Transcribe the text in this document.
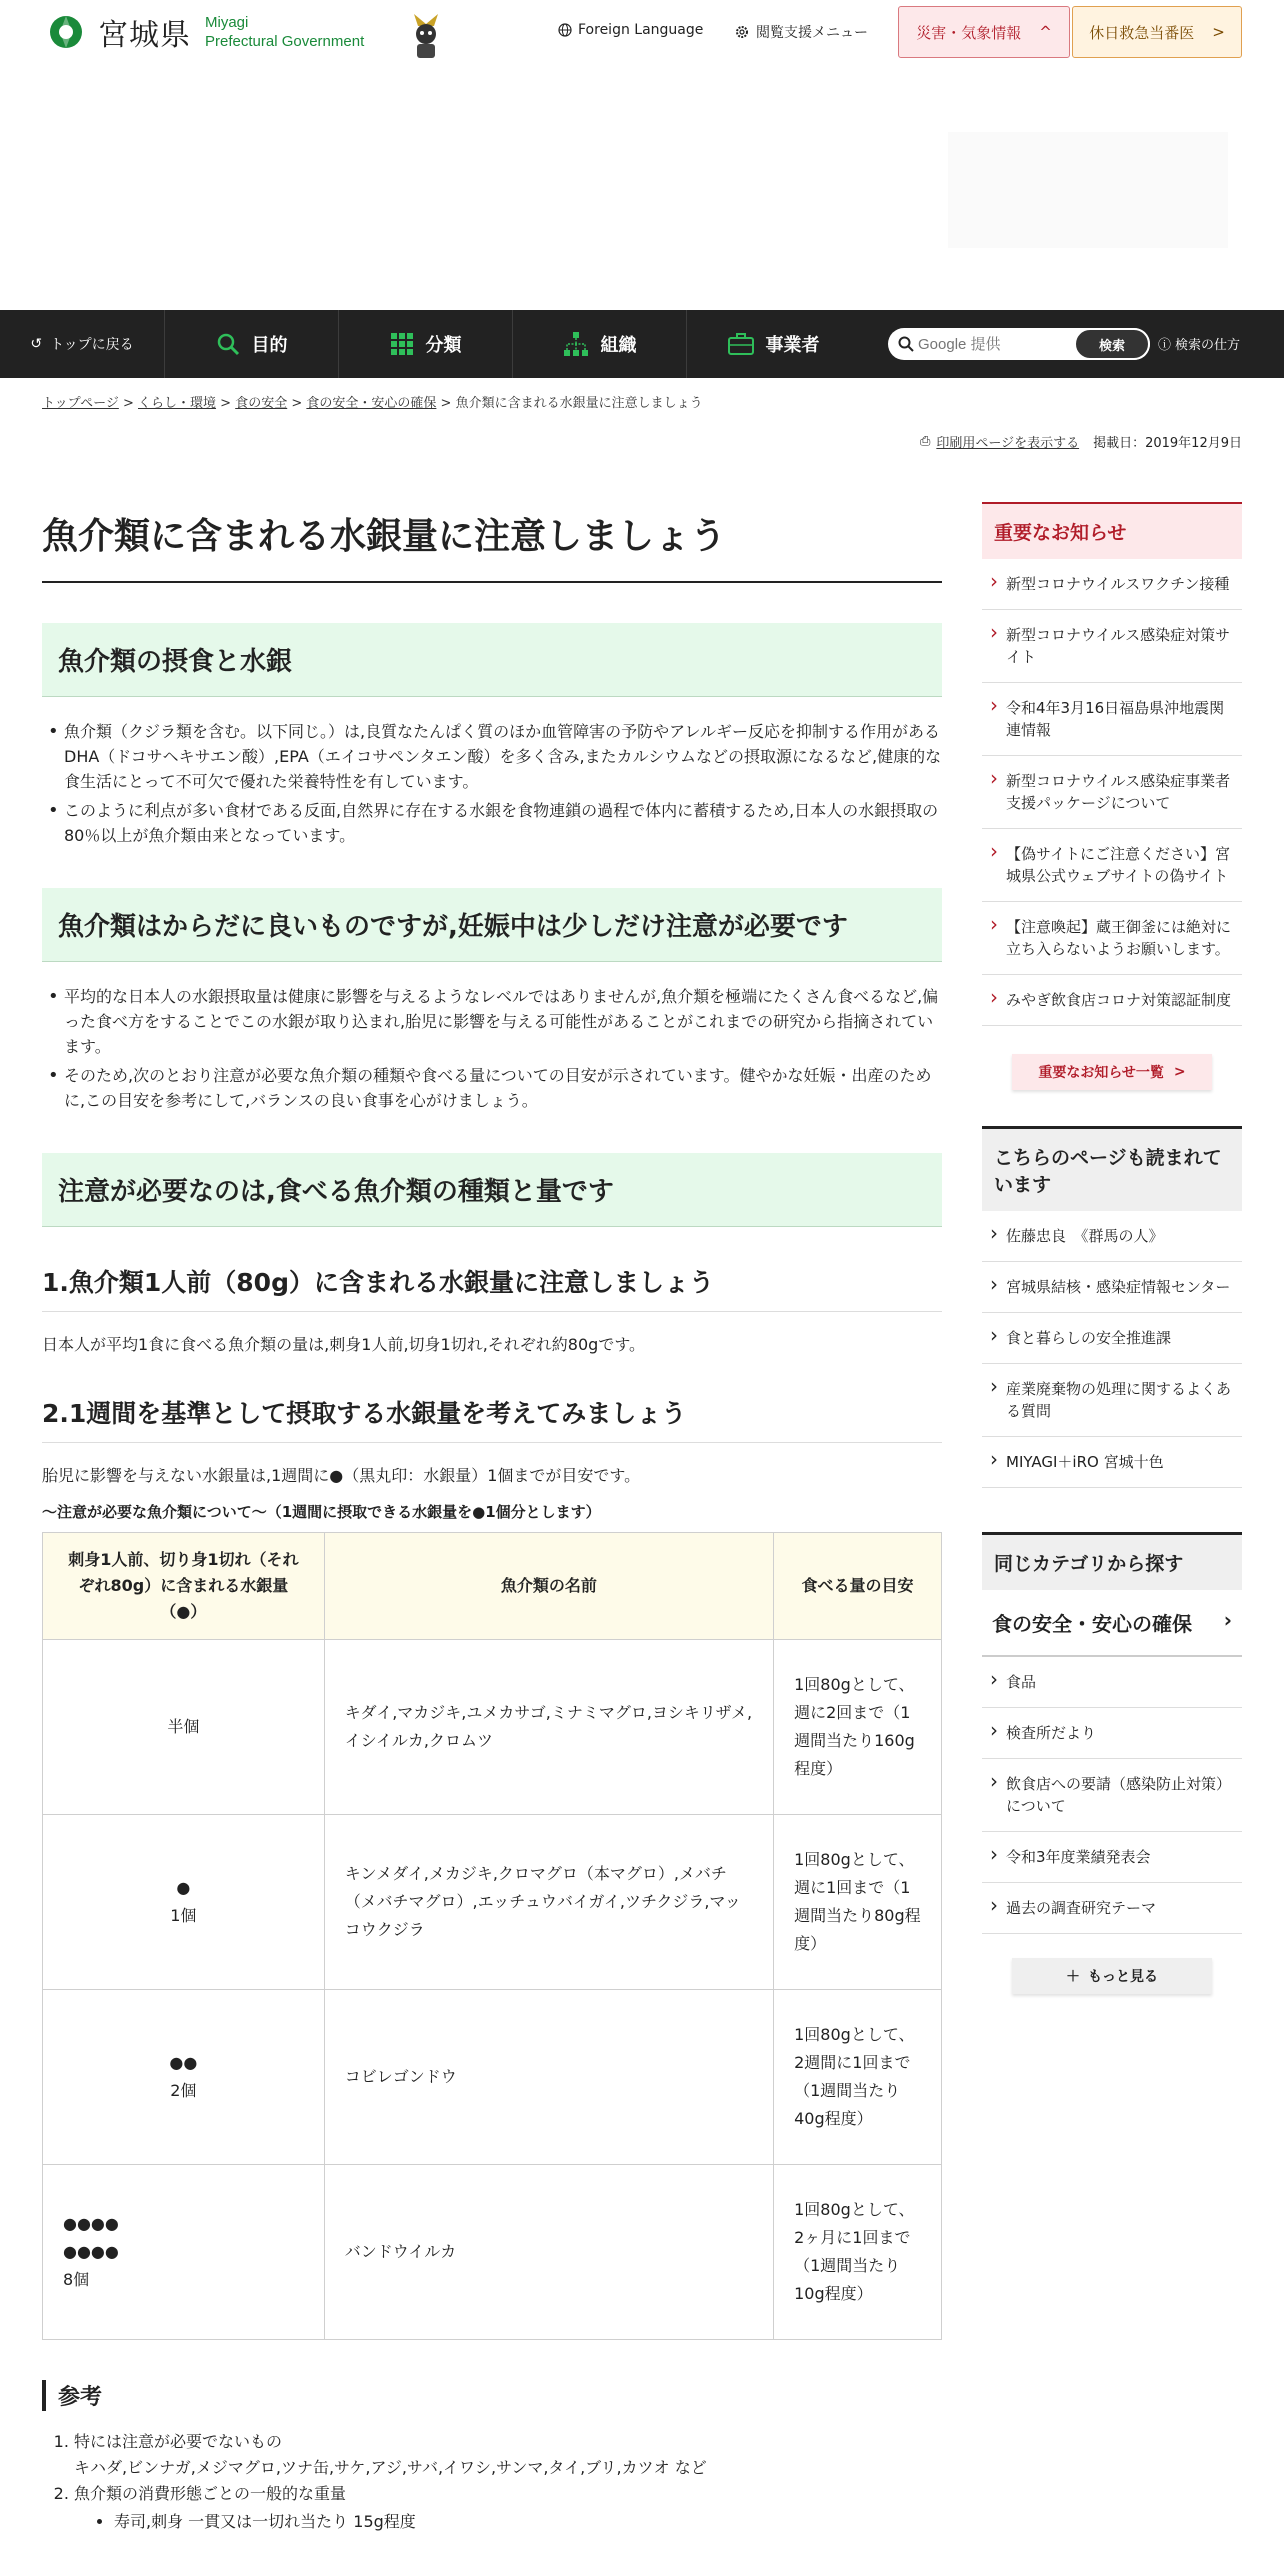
宮城県 Miyagi
Prefectural Government
Foreign Language	閲覧支援メニュー	災害・気象情報 ^ 休日救急当番医 >
↺ トップに戻る	目的	分類	組織	事業者
Google 提供	検索	ⓘ 検索の仕方
トップページ > くらし・環境 > 食の安全 > 食の安全・安心の確保 > 魚介類に含まれる水銀量に注意しましょう
⎙ 印刷用ページを表示する 掲載日：2019年12月9日
魚介類に含まれる水銀量に注意しましょう
魚介類の摂食と水銀
• 魚介類（クジラ類を含む。以下同じ。）は,良質なたんぱく質のほか血管障害の予防やアレルギー反応を抑制する作用があるDHA（ドコサヘキサエン酸）,EPA（エイコサペンタエン酸）を多く含み,またカルシウムなどの摂取源になるなど,健康的な食生活にとって不可欠で優れた栄養特性を有しています。
• このように利点が多い食材である反面,自然界に存在する水銀を食物連鎖の過程で体内に蓄積するため,日本人の水銀摂取の80％以上が魚介類由来となっています。
魚介類はからだに良いものですが,妊娠中は少しだけ注意が必要です
• 平均的な日本人の水銀摂取量は健康に影響を与えるようなレベルではありませんが,魚介類を極端にたくさん食べるなど,偏った食べ方をすることでこの水銀が取り込まれ,胎児に影響を与える可能性があることがこれまでの研究から指摘されています。
• そのため,次のとおり注意が必要な魚介類の種類や食べる量についての目安が示されています。健やかな妊娠・出産のために,この目安を参考にして,バランスの良い食事を心がけましょう。
注意が必要なのは,食べる魚介類の種類と量です
1.魚介類1人前（80g）に含まれる水銀量に注意しましょう

日本人が平均1食に食べる魚介類の量は,刺身1人前,切身1切れ,それぞれ約80gです。

2.1週間を基準として摂取する水銀量を考えてみましょう

胎児に影響を与えない水銀量は,1週間に●（黒丸印：水銀量）1個までが目安です。

～注意が必要な魚介類について～（1週間に摂取できる水銀量を●1個分とします）

刺身1人前、切り身1切れ（それぞれ80g）に含まれる水銀量（●）	魚介類の名前	食べる量の目安

半個	キダイ,マカジキ,ユメカサゴ,ミナミマグロ,ヨシキリザメ,イシイルカ,クロムツ	1回80gとして、週に2回まで（1週間当たり160g程度）

●
1個	キンメダイ,メカジキ,クロマグロ（本マグロ）,メバチ（メバチマグロ）,エッチュウバイガイ,ツチクジラ,マッコウクジラ	1回80gとして、週に1回まで（1週間当たり80g程度）

●●
2個	コビレゴンドウ	1回80gとして、2週間に1回まで（1週間当たり40g程度）

●●●●
●●●●
8個	バンドウイルカ	1回80gとして、2ヶ月に1回まで（1週間当たり10g程度）
参考
1. 特には注意が必要でないもの
キハダ,ビンナガ,メジマグロ,ツナ缶,サケ,アジ,サバ,イワシ,サンマ,タイ,ブリ,カツオ など
2. 魚介類の消費形態ごとの一般的な重量
• 寿司,刺身 一貫又は一切れ当たり 15g程度
重要なお知らせ
› 新型コロナウイルスワクチン接種
› 新型コロナウイルス感染症対策サイト
› 令和4年3月16日福島県沖地震関連情報
› 新型コロナウイルス感染症事業者支援パッケージについて
› 【偽サイトにご注意ください】宮城県公式ウェブサイトの偽サイト
› 【注意喚起】蔵王御釜には絶対に立ち入らないようお願いします。
› みやぎ飲食店コロナ対策認証制度
重要なお知らせ一覧 >
こちらのページも読まれています
› 佐藤忠良　《群馬の人》
› 宮城県結核・感染症情報センター
› 食と暮らしの安全推進課
› 産業廃棄物の処理に関するよくある質問
› MIYAGI＋iRO 宮城十色
同じカテゴリから探す
食の安全・安心の確保 ›
› 食品
› 検査所だより
› 飲食店への要請（感染防止対策）について
› 令和3年度業績発表会
› 過去の調査研究テーマ
＋ もっと見る
